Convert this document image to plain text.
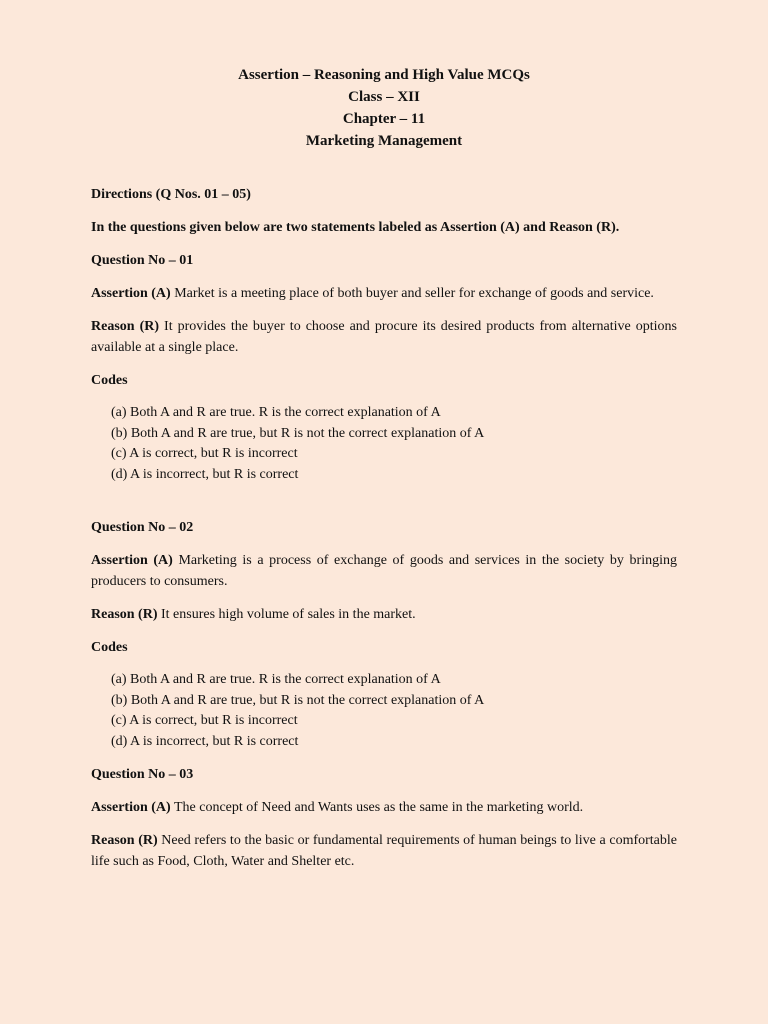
Assertion – Reasoning and High Value MCQs
Class – XII
Chapter – 11
Marketing Management
Directions (Q Nos. 01 – 05)
In the questions given below are two statements labeled as Assertion (A) and Reason (R).
Question No – 01
Assertion (A) Market is a meeting place of both buyer and seller for exchange of goods and service.
Reason (R) It provides the buyer to choose and procure its desired products from alternative options available at a single place.
Codes
(a) Both A and R are true. R is the correct explanation of A
(b) Both A and R are true, but R is not the correct explanation of A
(c) A is correct, but R is incorrect
(d) A is incorrect, but R is correct
Question No – 02
Assertion (A) Marketing is a process of exchange of goods and services in the society by bringing producers to consumers.
Reason (R) It ensures high volume of sales in the market.
Codes
(a) Both A and R are true. R is the correct explanation of A
(b) Both A and R are true, but R is not the correct explanation of A
(c) A is correct, but R is incorrect
(d) A is incorrect, but R is correct
Question No – 03
Assertion (A) The concept of Need and Wants uses as the same in the marketing world.
Reason (R) Need refers to the basic or fundamental requirements of human beings to live a comfortable life such as Food, Cloth, Water and Shelter etc.
